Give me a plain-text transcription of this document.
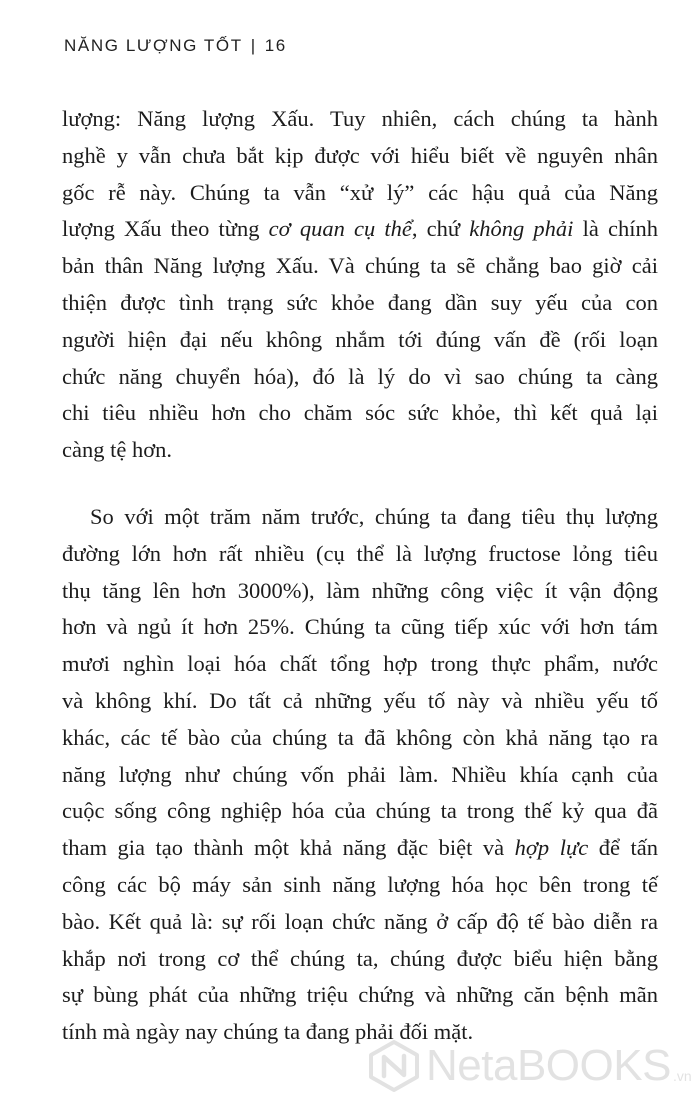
NĂNG LƯỢNG TỐT | 16

lượng: Năng lượng Xấu. Tuy nhiên, cách chúng ta hành
nghề y vẫn chưa bắt kịp được với hiểu biết về nguyên nhân
gốc rễ này. Chúng ta vẫn “xử lý” các hậu quả của Năng
lượng Xấu theo từng cơ quan cụ thể, chứ không phải là chính
bản thân Năng lượng Xấu. Và chúng ta sẽ chẳng bao giờ cải
thiện được tình trạng sức khỏe đang dần suy yếu của con
người hiện đại nếu không nhắm tới đúng vấn đề (rối loạn
chức năng chuyển hóa), đó là lý do vì sao chúng ta càng
chi tiêu nhiều hơn cho chăm sóc sức khỏe, thì kết quả lại
càng tệ hơn.

So với một trăm năm trước, chúng ta đang tiêu thụ lượng
đường lớn hơn rất nhiều (cụ thể là lượng fructose lỏng tiêu
thụ tăng lên hơn 3000%), làm những công việc ít vận động
hơn và ngủ ít hơn 25%. Chúng ta cũng tiếp xúc với hơn tám
mươi nghìn loại hóa chất tổng hợp trong thực phẩm, nước
và không khí. Do tất cả những yếu tố này và nhiều yếu tố
khác, các tế bào của chúng ta đã không còn khả năng tạo ra
năng lượng như chúng vốn phải làm. Nhiều khía cạnh của
cuộc sống công nghiệp hóa của chúng ta trong thế kỷ qua đã
tham gia tạo thành một khả năng đặc biệt và hợp lực để tấn
công các bộ máy sản sinh năng lượng hóa học bên trong tế
bào. Kết quả là: sự rối loạn chức năng ở cấp độ tế bào diễn ra
khắp nơi trong cơ thể chúng ta, chúng được biểu hiện bằng
sự bùng phát của những triệu chứng và những căn bệnh mãn
tính mà ngày nay chúng ta đang phải đối mặt.

NetaBOOKS .vn
